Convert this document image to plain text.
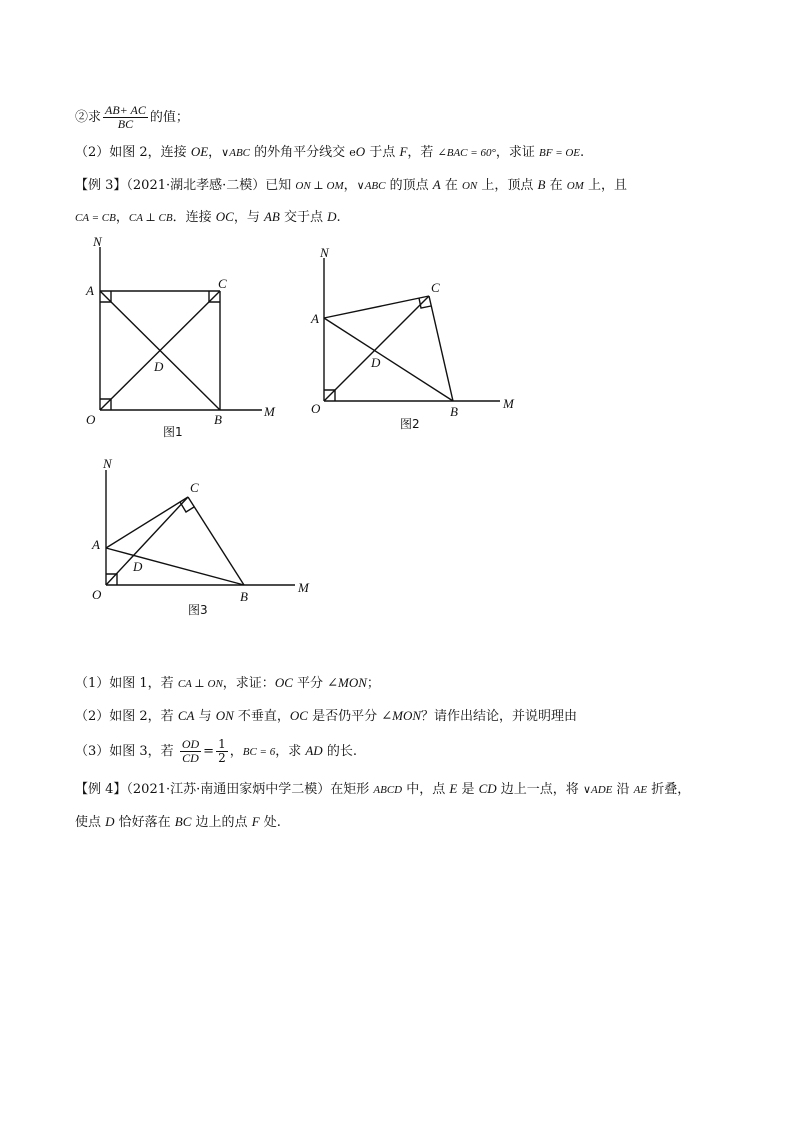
②求 $\frac{AB+ AC}{BC}$ 的值；
（2）如图 2，连接 OE，∨ABC 的外角平分线交 eO 于点 F，若 ∠BAC = 60°，求证 BF = OE.
【例 3】（2021·湖北孝感·二模）已知 ON ⊥ OM，∨ABC 的顶点 A 在 ON 上，顶点 B 在 OM 上，且
CA = CB，CA ⊥ CB．连接 OC，与 AB 交于点 D.
N
A	C
D
O	B
M
图1
N
A
C
D
O	B
M
图2
N
A
C
D
O	B
M
图3
（1）如图 1，若 CA ⊥ ON，求证：OC 平分 ∠MON；
（2）如图 2，若 CA 与 ON 不垂直，OC 是否仍平分 ∠MON？请作出结论，并说明理由
（3）如图 3，若 $\frac{OD}{CD} = \frac{1}{2}$ ，BC = 6，求 AD 的长.
【例 4】（2021·江苏·南通田家炳中学二模）在矩形 ABCD 中，点 E 是 CD 边上一点，将 ∨ADE 沿 AE 折叠，
使点 D 恰好落在 BC 边上的点 F 处.
